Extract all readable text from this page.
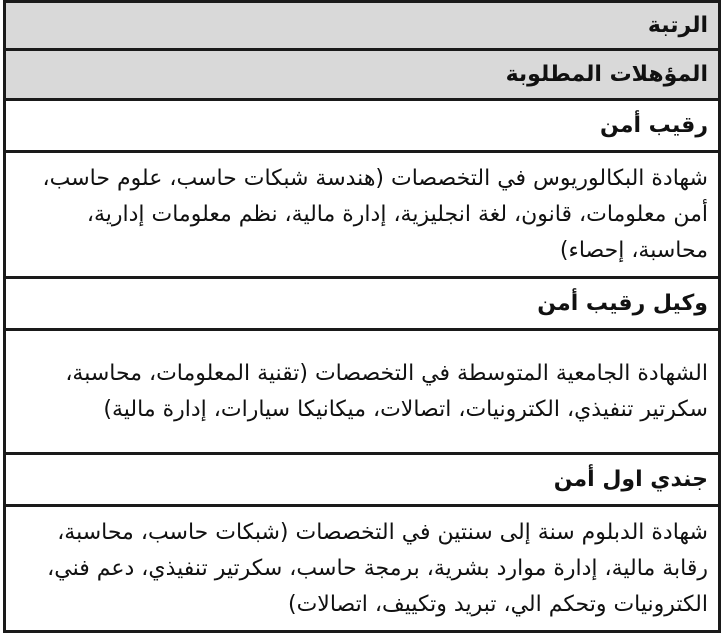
الرتبة
المؤهلات المطلوبة
رقيب أمن
شهادة البكالوريوس في التخصصات (هندسة شبكات حاسب، علوم حاسب، أمن معلومات، قانون، لغة انجليزية، إدارة مالية، نظم معلومات إدارية، محاسبة، إحصاء)
وكيل رقيب أمن
الشهادة الجامعية المتوسطة في التخصصات (تقنية المعلومات، محاسبة، سكرتير تنفيذي، الكترونيات، اتصالات، ميكانيكا سيارات، إدارة مالية)
جندي اول أمن
شهادة الدبلوم سنة إلى سنتين في التخصصات (شبكات حاسب، محاسبة، رقابة مالية، إدارة موارد بشرية، برمجة حاسب، سكرتير تنفيذي، دعم فني، الكترونيات وتحكم الي، تبريد وتكييف، اتصالات)
